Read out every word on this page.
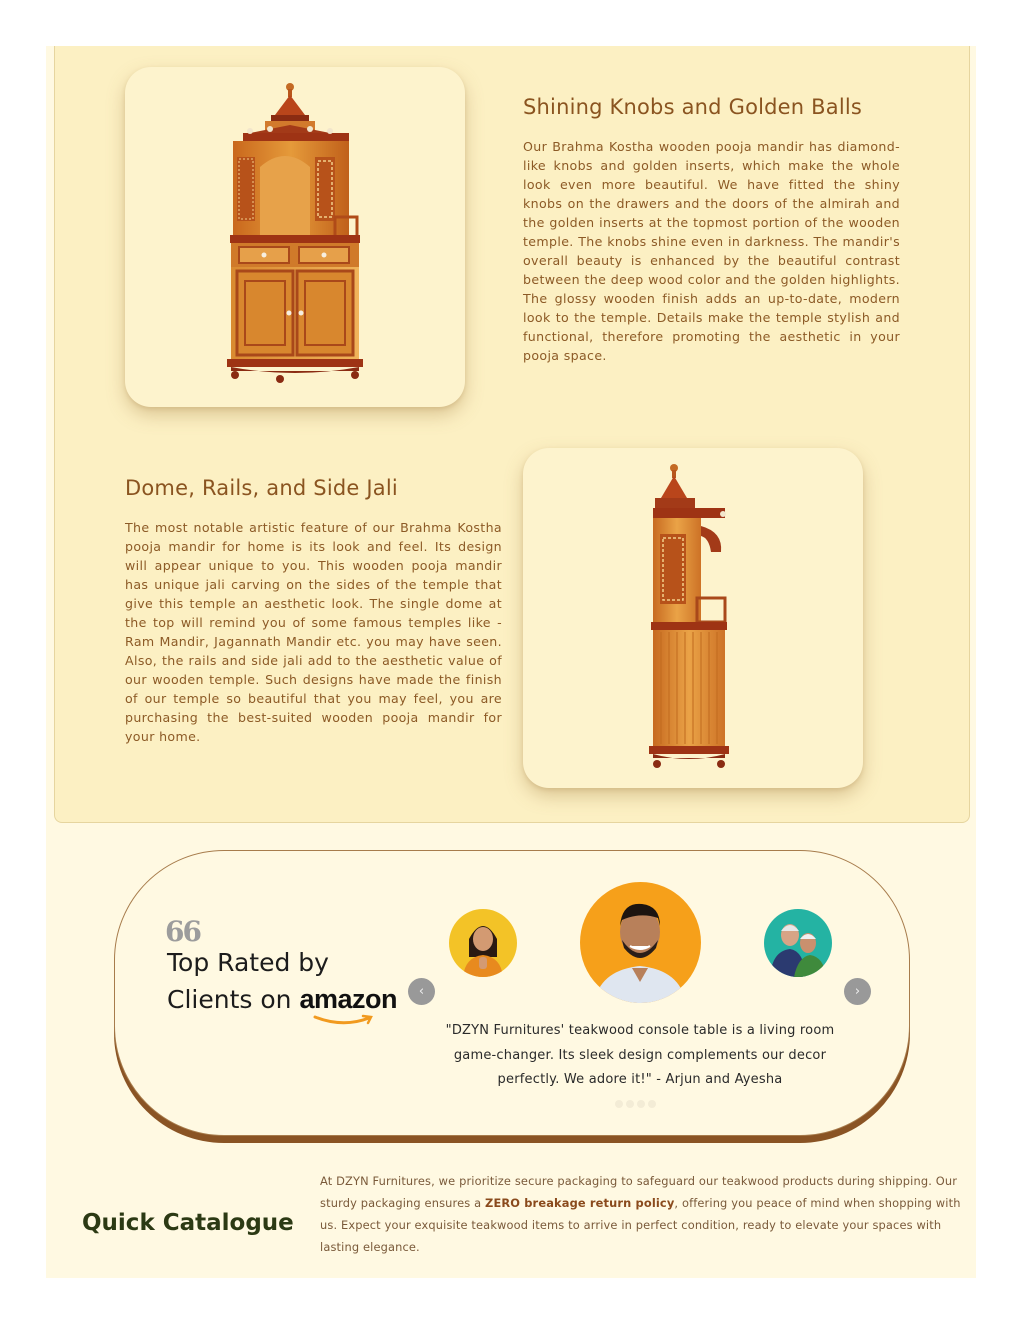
Shining Knobs and Golden Balls

Our Brahma Kostha wooden pooja mandir has diamond-like knobs and golden inserts, which make the whole look even more beautiful. We have fitted the shiny knobs on the drawers and the doors of the almirah and the golden inserts at the topmost portion of the wooden temple. The knobs shine even in darkness. The mandir's overall beauty is enhanced by the beautiful contrast between the deep wood color and the golden highlights. The glossy wooden finish adds an up-to-date, modern look to the temple. Details make the temple stylish and functional, therefore promoting the aesthetic in your pooja space.

Dome, Rails, and Side Jali

The most notable artistic feature of our Brahma Kostha pooja mandir for home is its look and feel. Its design will appear unique to you. This wooden pooja mandir has unique jali carving on the sides of the temple that give this temple an aesthetic look. The single dome at the top will remind you of some famous temples like - Ram Mandir, Jagannath Mandir etc. you may have seen. Also, the rails and side jali add to the aesthetic value of our wooden temple. Such designs have made the finish of our temple so beautiful that you may feel, you are purchasing the best-suited wooden pooja mandir for your home.

66
Top Rated by
Clients on amazon	‹	›

"DZYN Furnitures' teakwood console table is a living room game-changer. Its sleek design complements our decor perfectly. We adore it!" - Arjun and Ayesha

Quick Catalogue

At DZYN Furnitures, we prioritize secure packaging to safeguard our teakwood products during shipping. Our sturdy packaging ensures a ZERO breakage return policy, offering you peace of mind when shopping with us. Expect your exquisite teakwood items to arrive in perfect condition, ready to elevate your spaces with lasting elegance.
